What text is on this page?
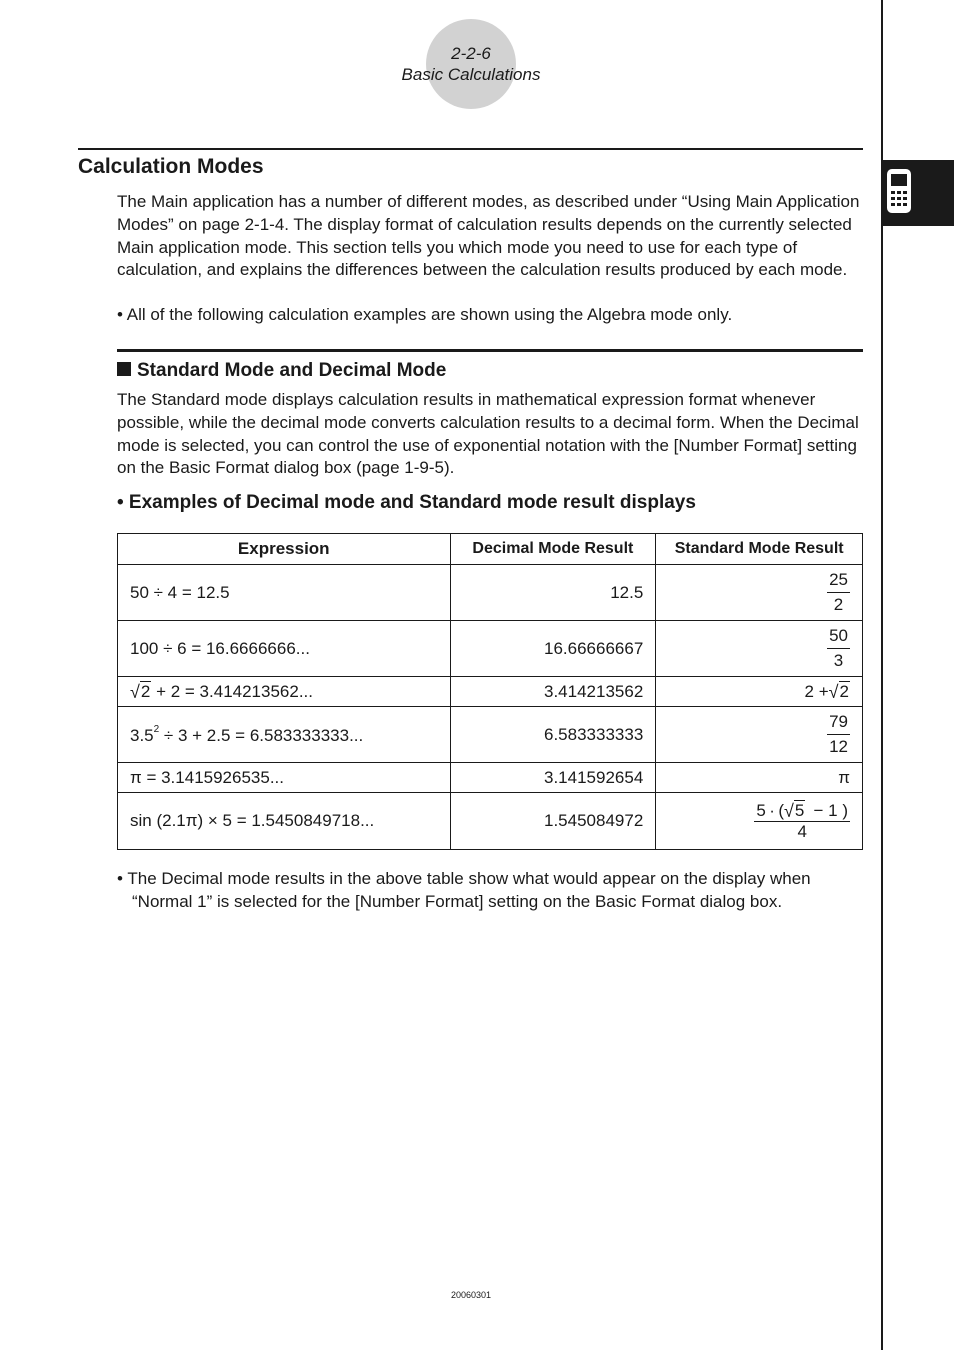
2-2-6
Basic Calculations
Calculation Modes

The Main application has a number of different modes, as described under “Using Main Application Modes” on page 2-1-4. The display format of calculation results depends on the currently selected Main application mode. This section tells you which mode you need to use for each type of calculation, and explains the differences between the calculation results produced by each mode.

• All of the following calculation examples are shown using the Algebra mode only.

Standard Mode and Decimal Mode

The Standard mode displays calculation results in mathematical expression format whenever possible, while the decimal mode converts calculation results to a decimal form. When the Decimal mode is selected, you can control the use of exponential notation with the [Number Format] setting on the Basic Format dialog box (page 1-9-5).

• Examples of Decimal mode and Standard mode result displays
Expression	Decimal Mode Result	Standard Mode Result
50 ÷ 4 = 12.5	12.5	$\frac{25}{2}$

100 ÷ 6 = 16.6666666...	16.66666667	$\frac{50}{3}$

√2 + 2 = 3.414213562...	3.414213562	2 +√2
$3.5^2 \div 3 + 2.5 = 6.583333333$...	6.583333333	$\frac{79}{12}$

π = 3.1415926535...	3.141592654	π
sin (2.1π) × 5 = 1.5450849718...	1.545084972	$\frac{5 \cdot (√5 - 1 )}{4}$

• The Decimal mode results in the above table show what would appear on the display when “Normal 1” is selected for the [Number Format] setting on the Basic Format dialog box.

20060301
